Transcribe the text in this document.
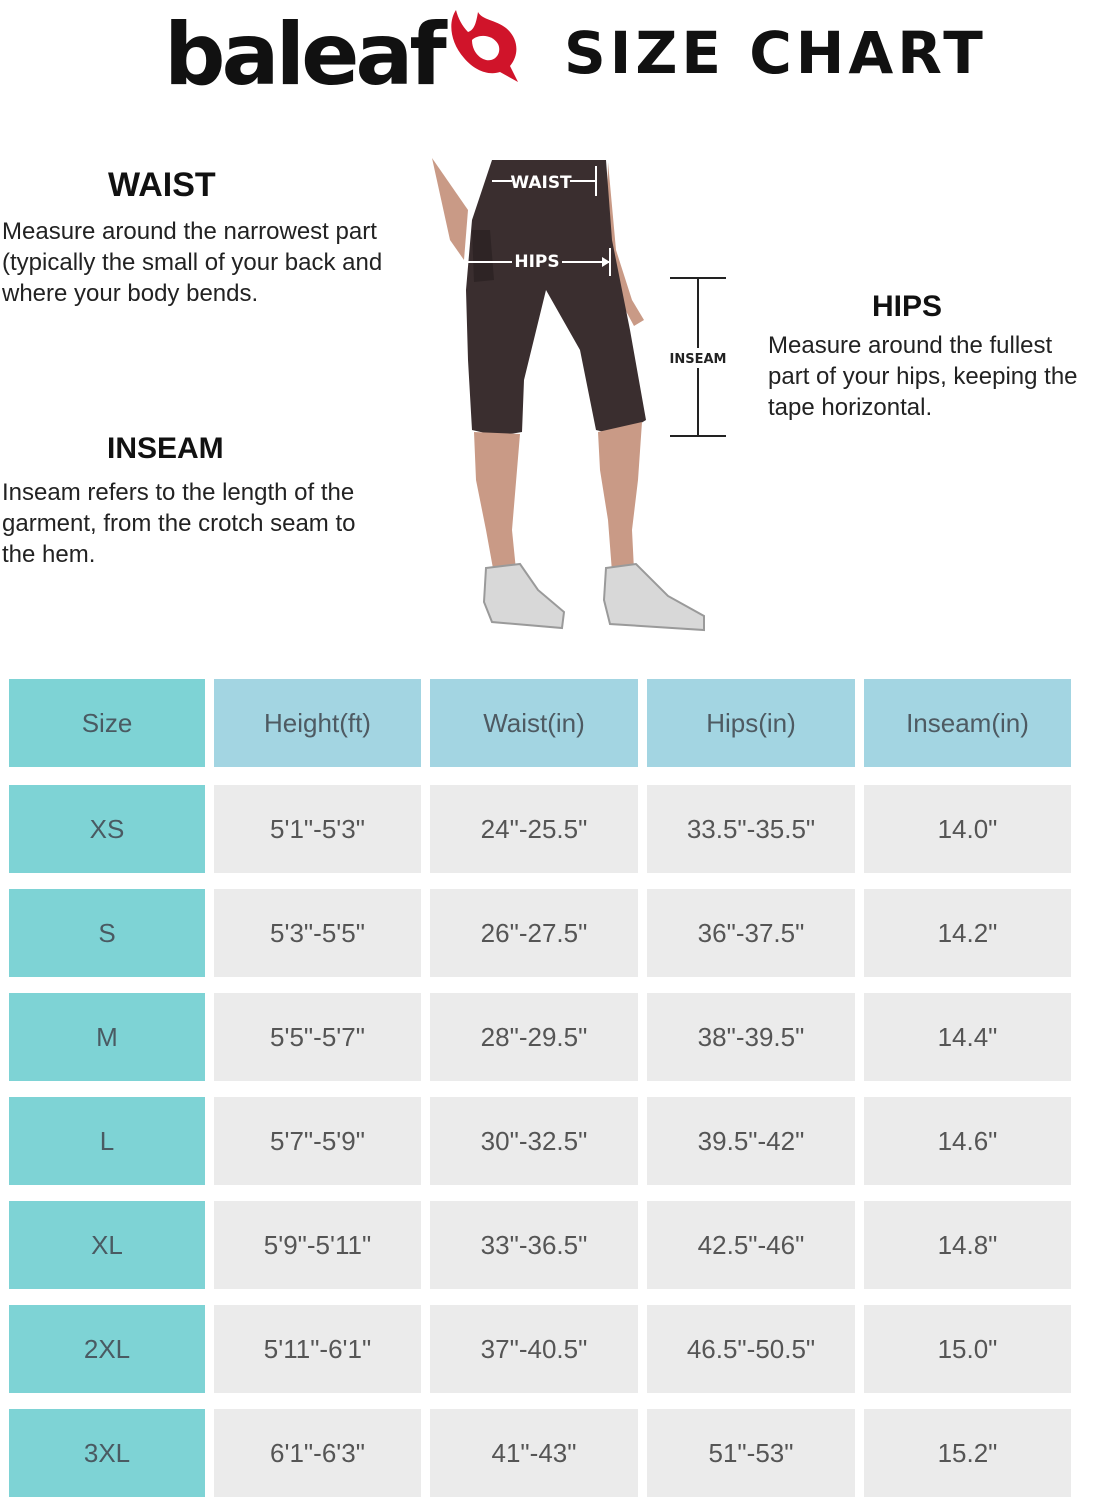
baleaf SIZE CHART
WAIST
Measure around the narrowest part (typically the small of your back and where your body bends.
INSEAM
Inseam refers to the length of the garment, from the crotch seam to the hem.
HIPS
Measure around the fullest part of your hips, keeping the tape horizontal.
WAIST
HIPS
INSEAM
Size	Height(ft)	Waist(in)	Hips(in)	Inseam(in)
XS	5'1"-5'3"	24"-25.5"	33.5"-35.5"	14.0"
S	5'3"-5'5"	26"-27.5"	36"-37.5"	14.2"
M	5'5"-5'7"	28"-29.5"	38"-39.5"	14.4"
L	5'7"-5'9"	30"-32.5"	39.5"-42"	14.6"
XL	5'9"-5'11"	33"-36.5"	42.5"-46"	14.8"
2XL	5'11"-6'1"	37"-40.5"	46.5"-50.5"	15.0"
3XL	6'1"-6'3"	41"-43"	51"-53"	15.2"
